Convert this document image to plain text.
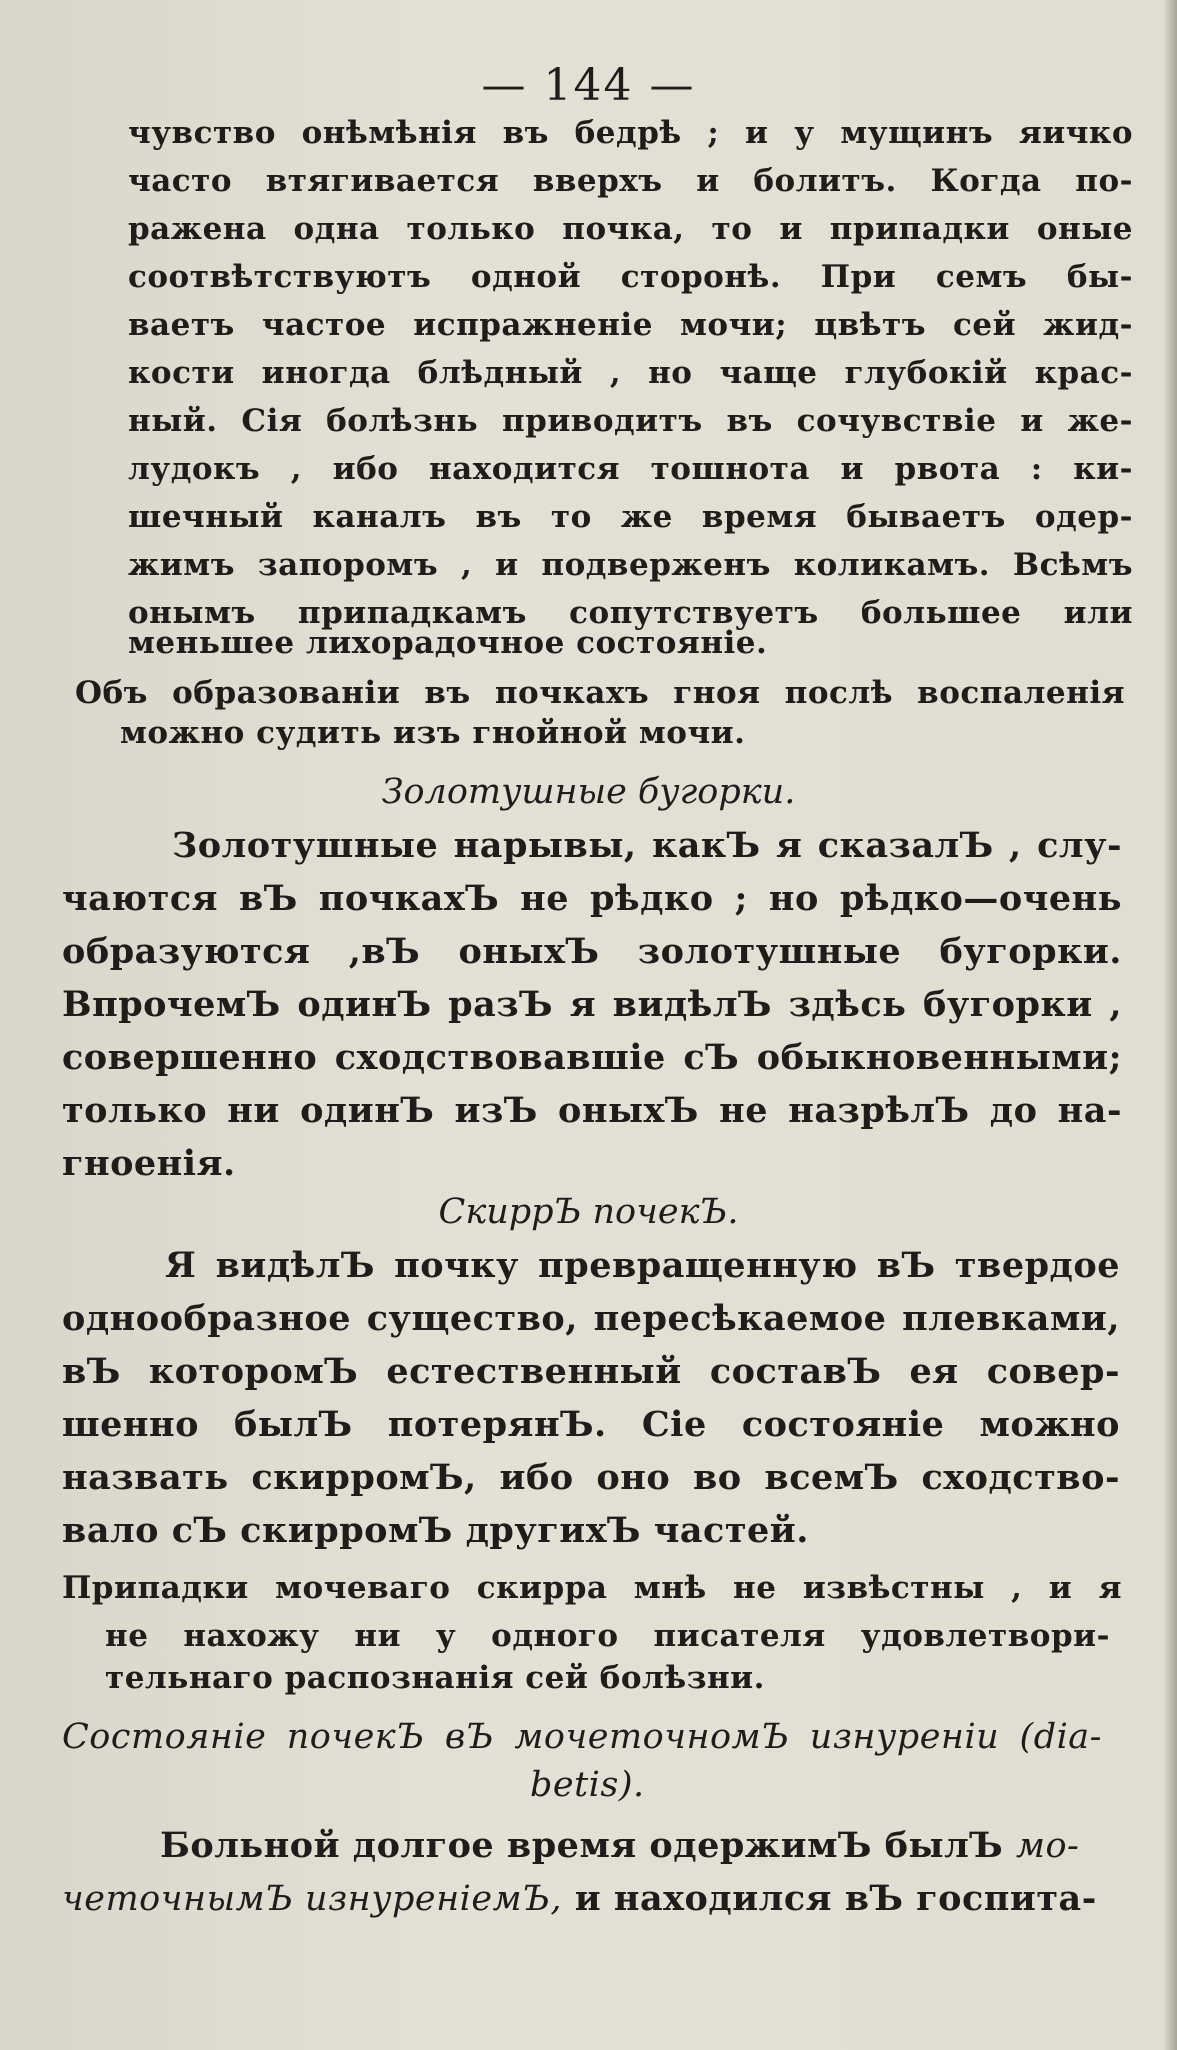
— 144 —
чувство онѣмѣнія въ бедрѣ ; и у мущинъ яичко
часто втягивается вверхъ и болитъ. Когда по-
ражена одна только почка, то и припадки оные
соотвѣтствуютъ одной сторонѣ. При семъ бы-
ваетъ частое испражненіе мочи; цвѣтъ сей жид-
кости иногда блѣдный , но чаще глубокій крас-
ный. Сія болѣзнь приводитъ въ сочувствіе и же-
лудокъ , ибо находится тошнота и рвота : ки-
шечный каналъ въ то же время бываетъ одер-
жимъ запоромъ , и подверженъ коликамъ. Всѣмъ
онымъ припадкамъ сопутствуетъ большее или
меньшее лихорадочное состояніе.
Объ образованіи въ почкахъ гноя послѣ воспаленія
можно судить изъ гнойной мочи.
Золотушные бугорки.
Золотушные нарывы, какЪ я сказалЪ , слу-
чаются вЪ почкахЪ не рѣдко ; но рѣдко—очень
образуются ,вЪ оныхЪ золотушные бугорки.
ВпрочемЪ одинЪ разЪ я видѣлЪ здѣсь бугорки ,
совершенно сходствовавшіе сЪ обыкновенными;
только ни одинЪ изЪ оныхЪ не назрѣлЪ до на-
гноенія.
СкиррЪ почекЪ.
Я видѣлЪ почку превращенную вЪ твердое
однообразное существо, пересѣкаемое плевками,
вЪ которомЪ естественный составЪ ея совер-
шенно былЪ потерянЪ. Сіе состояніе можно
назвать скирромЪ, ибо оно во всемЪ сходство-
вало сЪ скирромЪ другихЪ частей.
Припадки мочеваго скирра мнѣ не извѣстны , и я
не нахожу ни у одного писателя удовлетвори-
тельнаго распознанія сей болѣзни.
Состояніе почекЪ вЪ мочеточномЪ изнуреніи (dia-
betis).
Больной долгое время одержимЪ былЪ мо-
четочнымЪ изнуреніемЪ, и находился вЪ госпита-
